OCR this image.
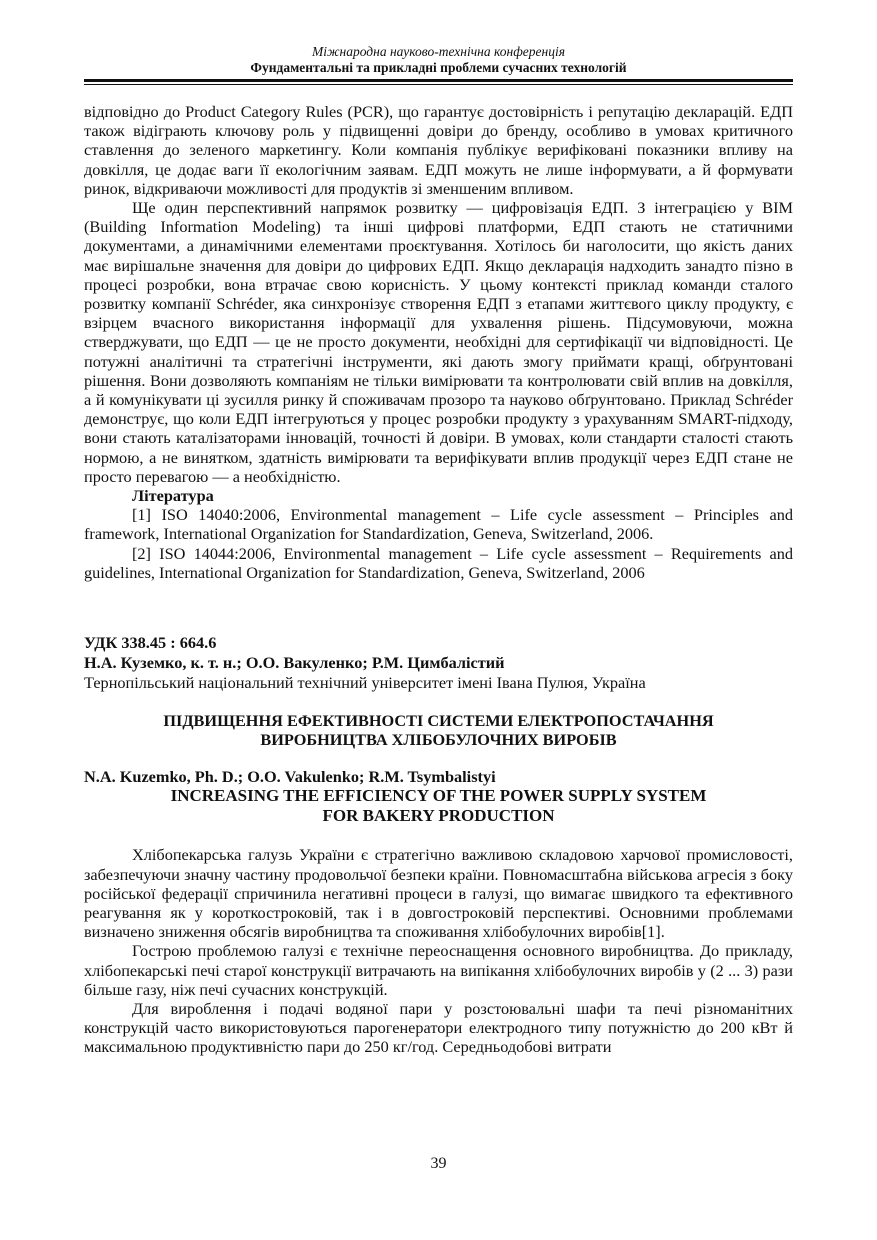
Міжнародна науково-технічна конференція
Фундаментальні та прикладні проблеми сучасних технологій

відповідно до Product Category Rules (PCR), що гарантує достовірність і репутацію декларацій. ЕДП також відіграють ключову роль у підвищенні довіри до бренду, особливо в умовах критичного ставлення до зеленого маркетингу. Коли компанія публікує верифіковані показники впливу на довкілля, це додає ваги її екологічним заявам. ЕДП можуть не лише інформувати, а й формувати ринок, відкриваючи можливості для продуктів зі зменшеним впливом.

Ще один перспективний напрямок розвитку — цифровізація ЕДП. З інтеграцією у BIM (Building Information Modeling) та інші цифрові платформи, ЕДП стають не статичними документами, а динамічними елементами проєктування. Хотілось би наголосити, що якість даних має вирішальне значення для довіри до цифрових ЕДП. Якщо декларація надходить занадто пізно в процесі розробки, вона втрачає свою корисність. У цьому контексті приклад команди сталого розвитку компанії Schréder, яка синхронізує створення ЕДП з етапами життєвого циклу продукту, є взірцем вчасного використання інформації для ухвалення рішень. Підсумовуючи, можна стверджувати, що ЕДП — це не просто документи, необхідні для сертифікації чи відповідності. Це потужні аналітичні та стратегічні інструменти, які дають змогу приймати кращі, обґрунтовані рішення. Вони дозволяють компаніям не тільки вимірювати та контролювати свій вплив на довкілля, а й комунікувати ці зусилля ринку й споживачам прозоро та науково обґрунтовано. Приклад Schréder демонструє, що коли ЕДП інтегруються у процес розробки продукту з урахуванням SMART-підходу, вони стають каталізаторами інновацій, точності й довіри. В умовах, коли стандарти сталості стають нормою, а не винятком, здатність вимірювати та верифікувати вплив продукції через ЕДП стане не просто перевагою — а необхідністю.

Література

[1] ISO 14040:2006, Environmental management – Life cycle assessment – Principles and framework, International Organization for Standardization, Geneva, Switzerland, 2006.

[2] ISO 14044:2006, Environmental management – Life cycle assessment – Requirements and guidelines, International Organization for Standardization, Geneva, Switzerland, 2006

УДК 338.45 : 664.6
Н.А. Куземко, к. т. н.; О.О. Вакуленко; Р.М. Цимбалістий
Тернопільський національний технічний університет імені Івана Пулюя, Україна
ПІДВИЩЕННЯ ЕФЕКТИВНОСТІ СИСТЕМИ ЕЛЕКТРОПОСТАЧАННЯ
ВИРОБНИЦТВА ХЛІБОБУЛОЧНИХ ВИРОБІВ
N.A. Kuzemko, Ph. D.; O.O. Vakulenko; R.M. Tsymbalistyi
INCREASING THE EFFICIENCY OF THE POWER SUPPLY SYSTEM
FOR BAKERY PRODUCTION

Хлібопекарська галузь України є стратегічно важливою складовою харчової промисловості, забезпечуючи значну частину продовольчої безпеки країни. Повномасштабна військова агресія з боку російської федерації спричинила негативні процеси в галузі, що вимагає швидкого та ефективного реагування як у короткостроковій, так і в довгостроковій перспективі. Основними проблемами визначено зниження обсягів виробництва та споживання хлібобулочних виробів[1].

Гострою проблемою галузі є технічне переоснащення основного виробництва. До прикладу, хлібопекарські печі старої конструкції витрачають на випікання хлібобулочних виробів у (2 ... 3) рази більше газу, ніж печі сучасних конструкцій.

Для вироблення і подачі водяної пари у розстоювальні шафи та печі різноманітних конструкцій часто використовуються парогенератори електродного типу потужністю до 200 кВт й максимальною продуктивністю пари до 250 кг/год. Середньодобові витрати

39
